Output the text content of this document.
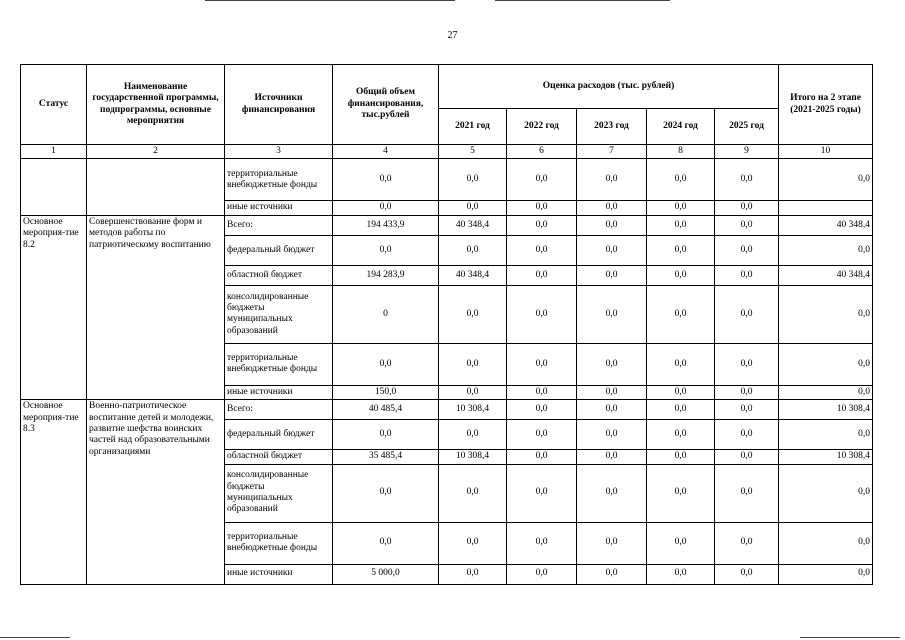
27
Статус	Наименование государственной программы, подпрограммы, основные мероприятия	Источники финансирования	Общий объем финансирования, тыс.рублей	Оценка расходов (тыс. рублей)					Итого на 2 этапе (2021-2025 годы)
				2021 год	2022 год	2023 год	2024 год	2025 год	
1	2	3	4	5	6	7	8	9	10
		территориальные внебюджетные фонды	0,0	0,0	0,0	0,0	0,0	0,0	0,0
		иные источники	0,0	0,0	0,0	0,0	0,0	0,0	
Основное мероприя-тие 8.2	Совершенствование форм и методов работы по патриотическому воспитанию	Всего:	194 433,9	40 348,4	0,0	0,0	0,0	0,0	40 348,4
		федеральный бюджет	0,0	0,0	0,0	0,0	0,0	0,0	0,0
		областной бюджет	194 283,9	40 348,4	0,0	0,0	0,0	0,0	40 348,4
		консолидированные бюджеты муниципальных образований	0	0,0	0,0	0,0	0,0	0,0	0,0
		территориальные внебюджетные фонды	0,0	0,0	0,0	0,0	0,0	0,0	0,0
		иные источники	150,0	0,0	0,0	0,0	0,0	0,0	0,0
Основное мероприя-тие 8.3	Военно-патриотическое воспитание детей и молодежи, развитие шефства воинских частей над образовательными организациями	Всего:	40 485,4	10 308,4	0,0	0,0	0,0	0,0	10 308,4
		федеральный бюджет	0,0	0,0	0,0	0,0	0,0	0,0	0,0
		областной бюджет	35 485,4	10 308,4	0,0	0,0	0,0	0,0	10 308,4
		консолидированные бюджеты муниципальных образований	0,0	0,0	0,0	0,0	0,0	0,0	0,0
		территориальные внебюджетные фонды	0,0	0,0	0,0	0,0	0,0	0,0	0,0
		иные источники	5 000,0	0,0	0,0	0,0	0,0	0,0	0,0
